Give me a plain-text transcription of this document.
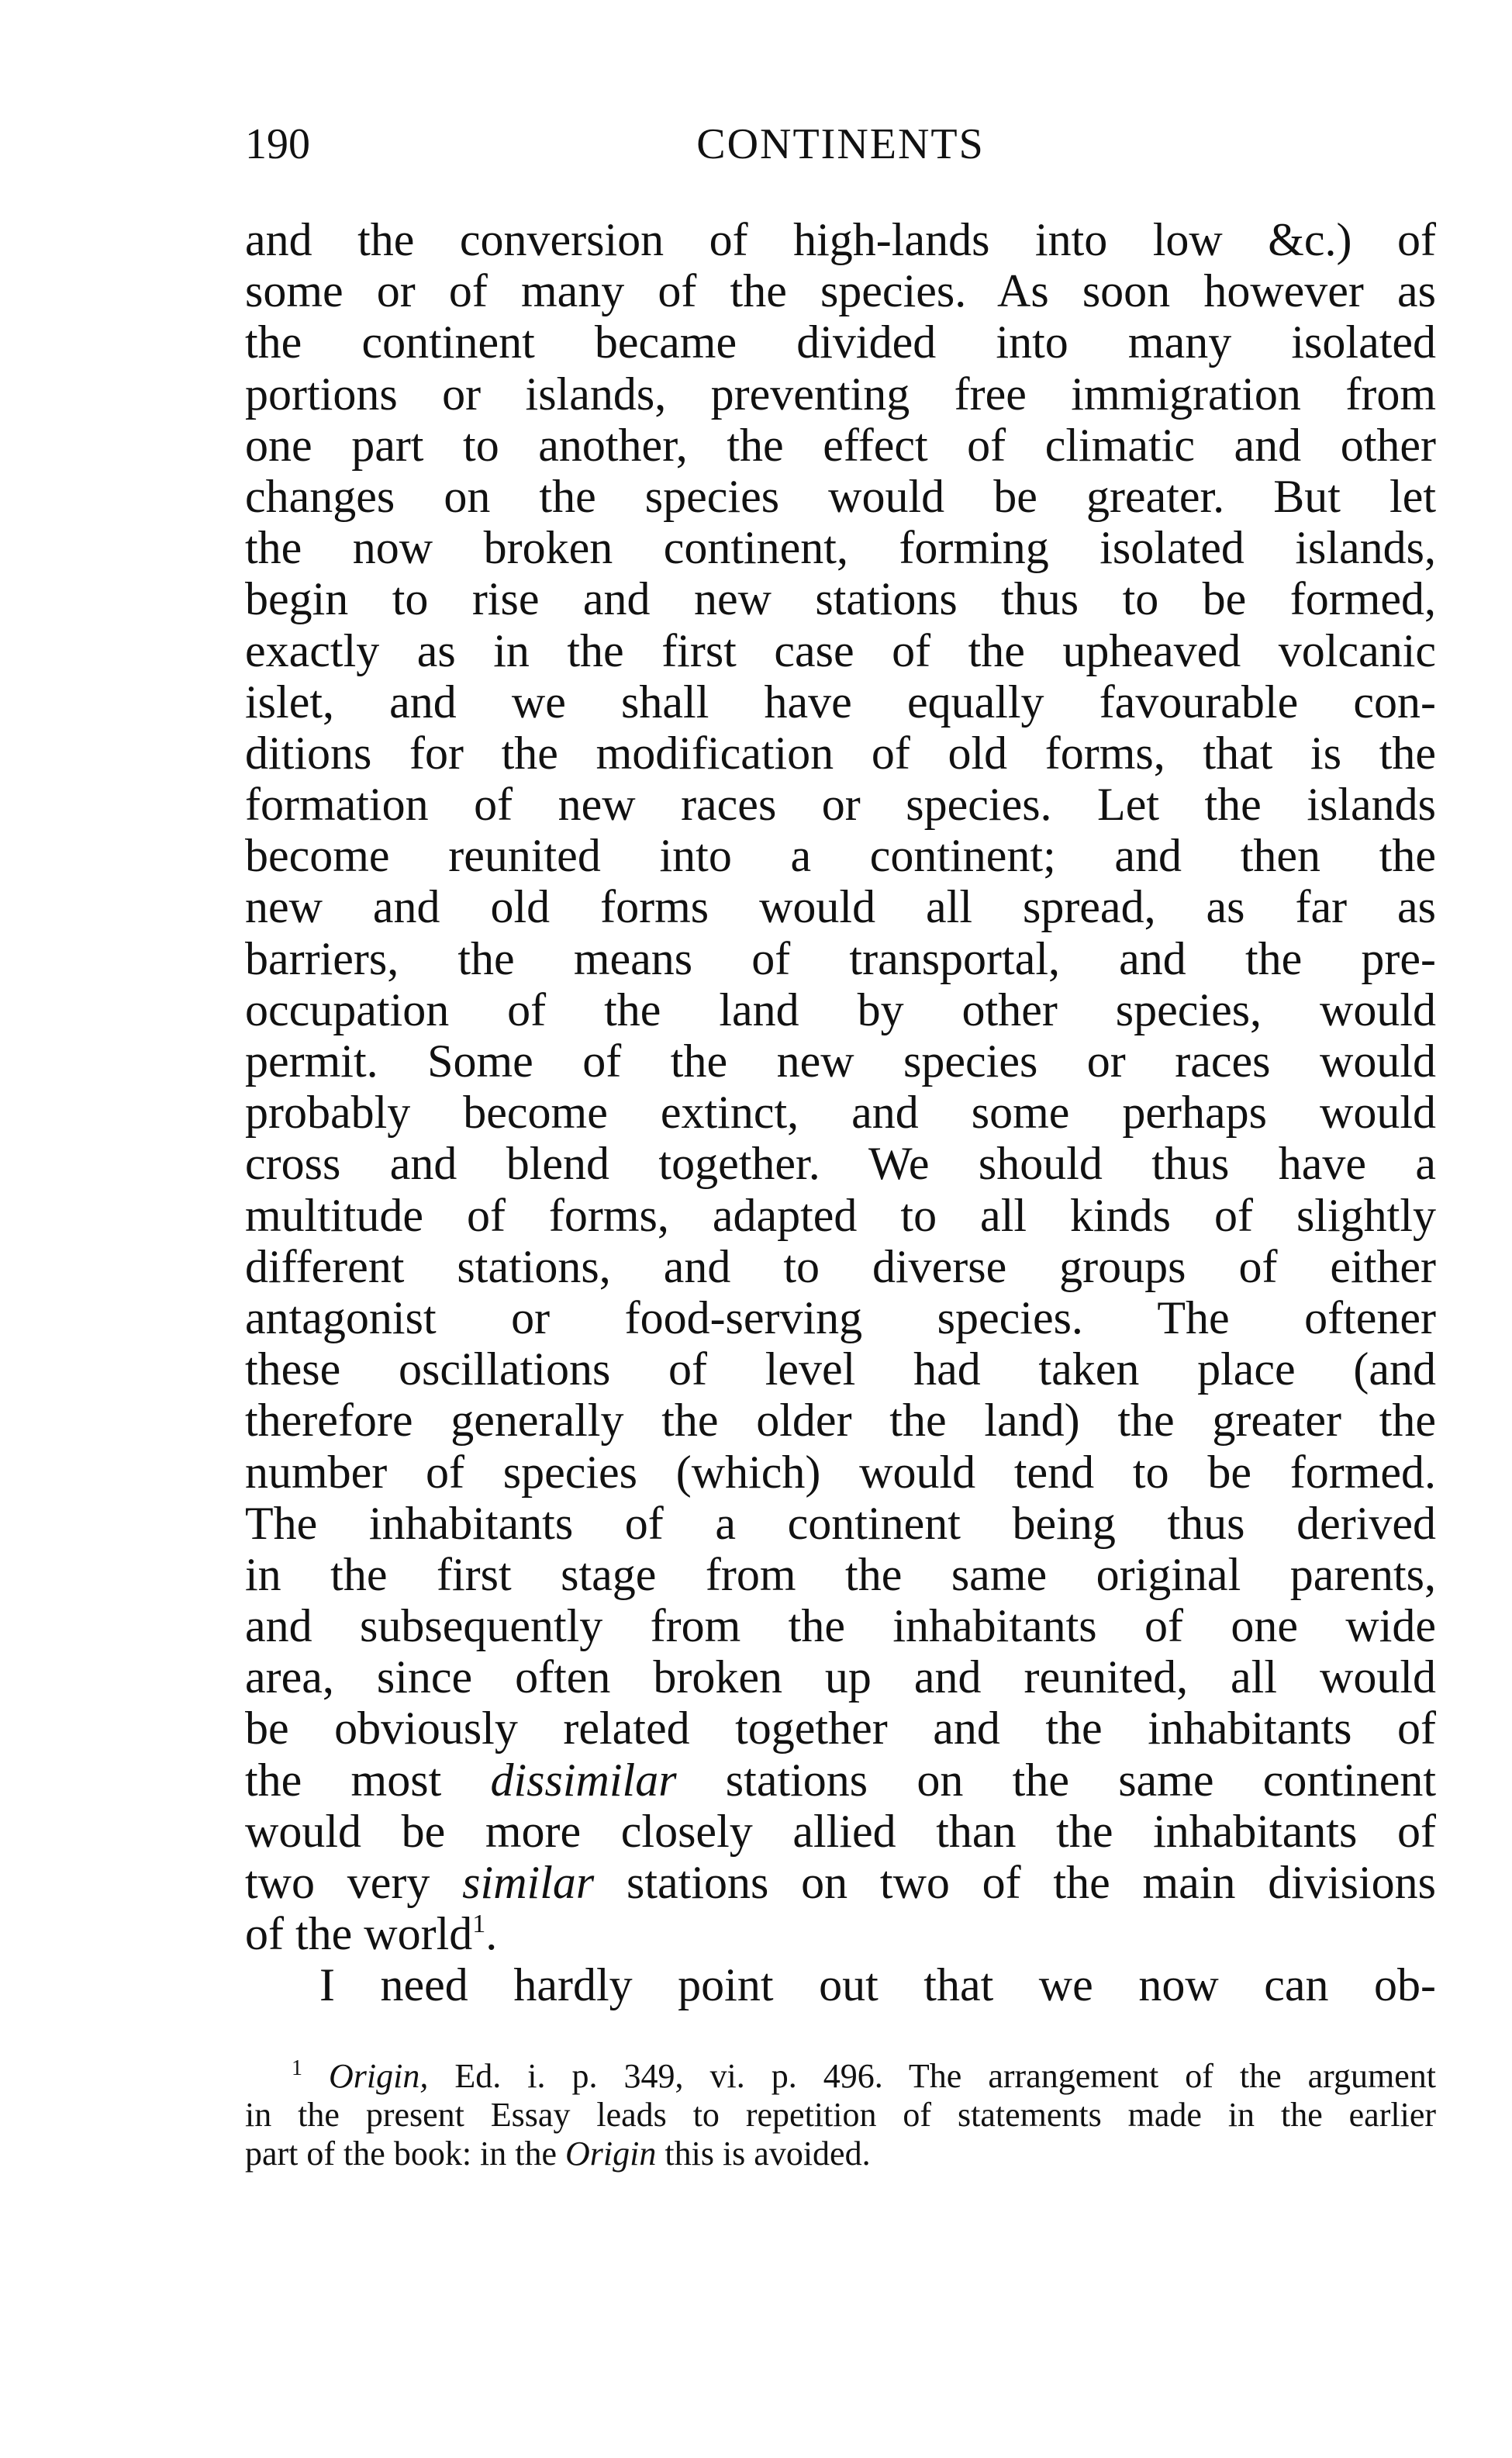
190	CONTINENTS
and the conversion of high-lands into low &c.) of
some or of many of the species. As soon however as
the continent became divided into many isolated
portions or islands, preventing free immigration from
one part to another, the effect of climatic and other
changes on the species would be greater. But let
the now broken continent, forming isolated islands,
begin to rise and new stations thus to be formed,
exactly as in the first case of the upheaved volcanic
islet, and we shall have equally favourable con-
ditions for the modification of old forms, that is the
formation of new races or species. Let the islands
become reunited into a continent; and then the
new and old forms would all spread, as far as
barriers, the means of transportal, and the pre-
occupation of the land by other species, would
permit. Some of the new species or races would
probably become extinct, and some perhaps would
cross and blend together. We should thus have a
multitude of forms, adapted to all kinds of slightly
different stations, and to diverse groups of either
antagonist or food-serving species. The oftener
these oscillations of level had taken place (and
therefore generally the older the land) the greater the
number of species (which) would tend to be formed.
The inhabitants of a continent being thus derived
in the first stage from the same original parents,
and subsequently from the inhabitants of one wide
area, since often broken up and reunited, all would
be obviously related together and the inhabitants of
the most dissimilar stations on the same continent
would be more closely allied than the inhabitants of
two very similar stations on two of the main divisions
of the world$^1$.
I need hardly point out that we now can ob-
$^1$ Origin, Ed. i. p. 349, vi. p. 496. The arrangement of the argument
in the present Essay leads to repetition of statements made in the earlier
part of the book: in the Origin this is avoided.
